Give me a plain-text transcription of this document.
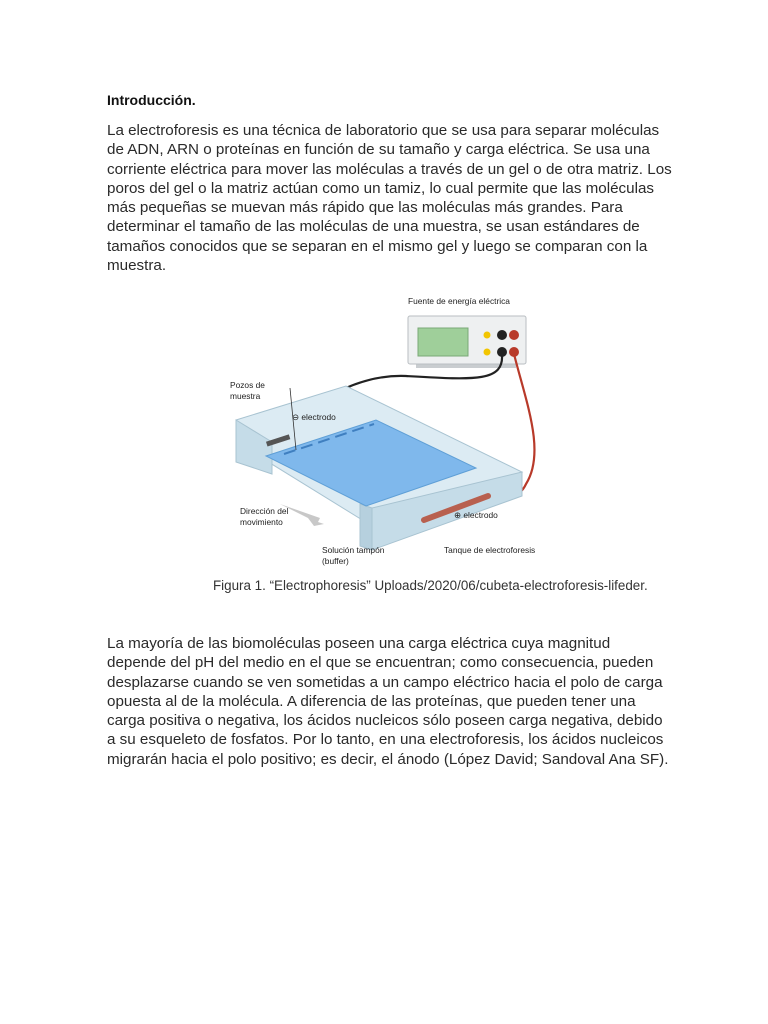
Introducción.
La electroforesis es una técnica de laboratorio que se usa para separar moléculas de ADN, ARN o proteínas en función de su tamaño y carga eléctrica. Se usa una corriente eléctrica para mover las moléculas a través de un gel o de otra matriz. Los poros del gel o la matriz actúan como un tamiz, lo cual permite que las moléculas más pequeñas se muevan más rápido que las moléculas más grandes. Para determinar el tamaño de las moléculas de una muestra, se usan estándares de tamaños conocidos que se separan en el mismo gel y luego se comparan con la muestra.
Fuente de energía eléctrica
Pozos de
muestra
⊖ electrodo
⊕ electrodo
Dirección del
movimiento
Solución tampón
(buffer)
Tanque de electroforesis
Figura 1. “Electrophoresis” Uploads/2020/06/cubeta-electroforesis-lifeder.
La mayoría de las biomoléculas poseen una carga eléctrica cuya magnitud depende del pH del medio en el que se encuentran; como consecuencia, pueden desplazarse cuando se ven sometidas a un campo eléctrico hacia el polo de carga opuesta al de la molécula. A diferencia de las proteínas, que pueden tener una carga positiva o negativa, los ácidos nucleicos sólo poseen carga negativa, debido a su esqueleto de fosfatos. Por lo tanto, en una electroforesis, los ácidos nucleicos migrarán hacia el polo positivo; es decir, el ánodo (López David; Sandoval Ana SF).
